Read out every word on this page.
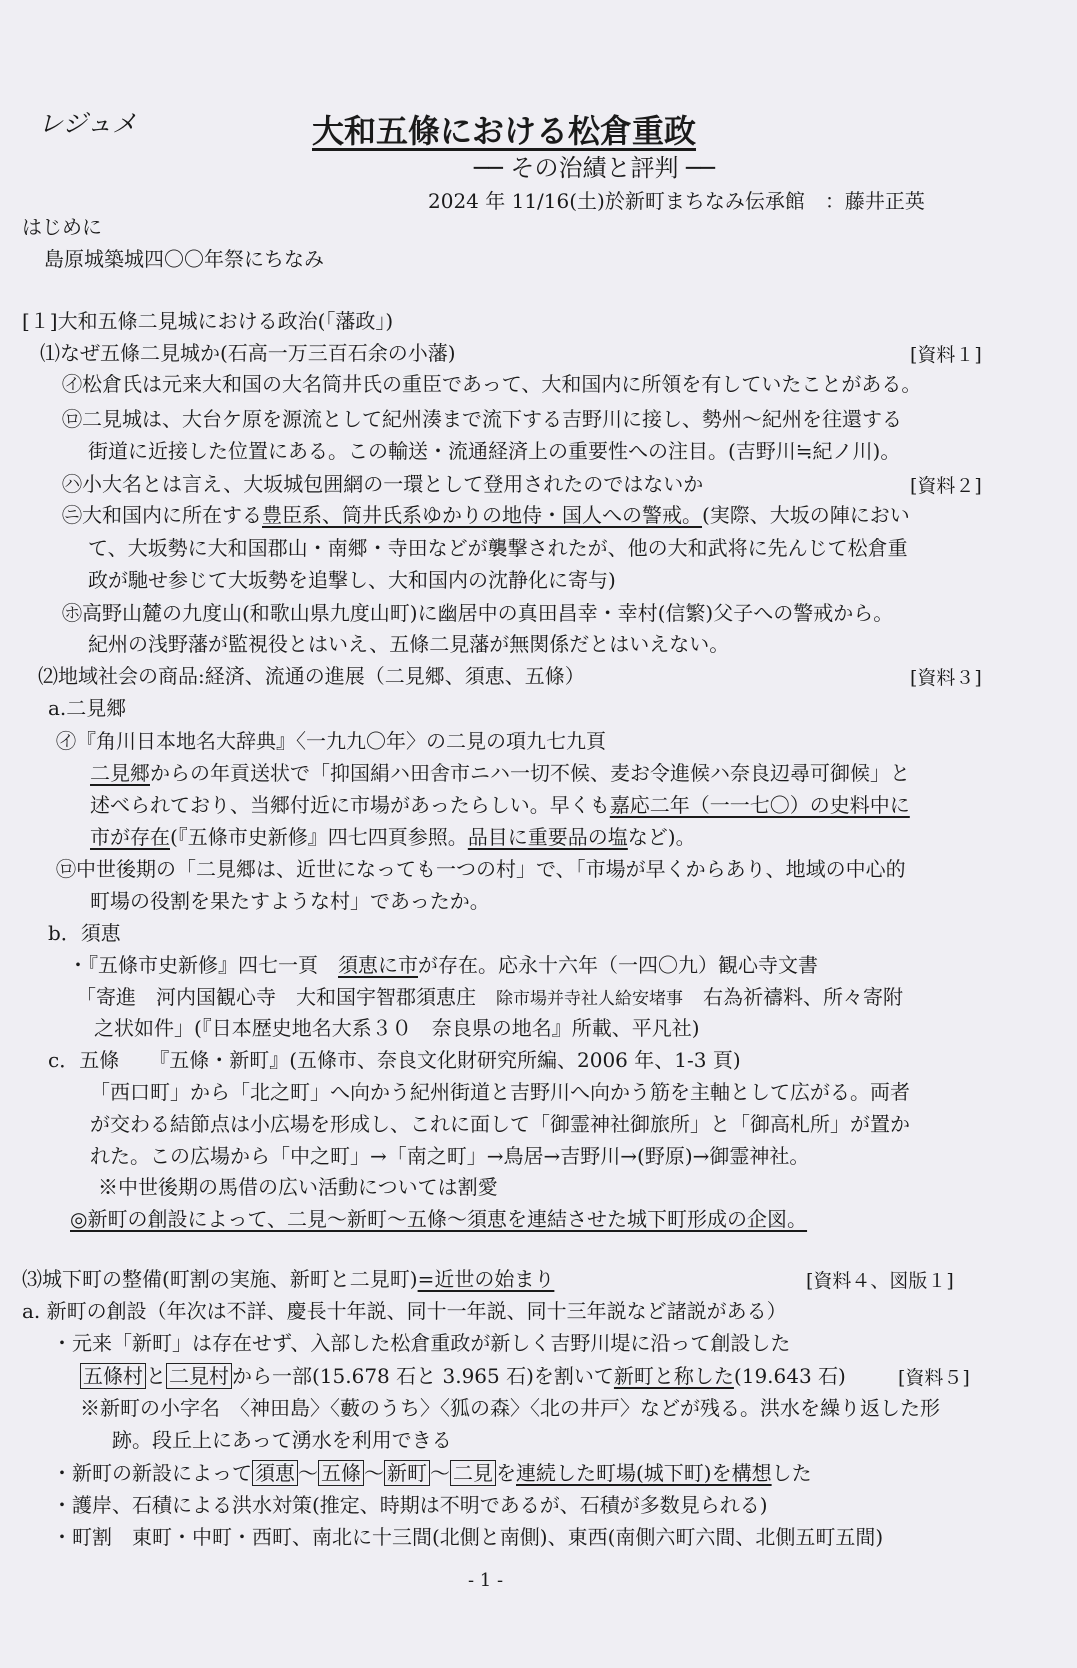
レジュメ	大和五條における松倉重政
── その治績と評判 ──
2024 年 11/16(土)於新町まちなみ伝承館　：藤井正英
はじめに
島原城築城四〇〇年祭にちなみ
[１]大和五條二見城における政治(「藩政」)
⑴なぜ五條二見城か(石高一万三百石余の小藩)	[資料１]
㋑松倉氏は元来大和国の大名筒井氏の重臣であって、大和国内に所領を有していたことがある。
㋺二見城は、大台ケ原を源流として紀州湊まで流下する吉野川に接し、勢州〜紀州を往還する
街道に近接した位置にある。この輸送・流通経済上の重要性への注目。(吉野川≒紀ノ川)。
㋩小大名とは言え、大坂城包囲網の一環として登用されたのではないか	[資料２]
㋥大和国内に所在する豊臣系、筒井氏系ゆかりの地侍・国人への警戒。(実際、大坂の陣におい
て、大坂勢に大和国郡山・南郷・寺田などが襲撃されたが、他の大和武将に先んじて松倉重
政が馳せ参じて大坂勢を追撃し、大和国内の沈静化に寄与)
㋭高野山麓の九度山(和歌山県九度山町)に幽居中の真田昌幸・幸村(信繁)父子への警戒から。
紀州の浅野藩が監視役とはいえ、五條二見藩が無関係だとはいえない。
⑵地域社会の商品:経済、流通の進展（二見郷、須恵、五條）	[資料３]
a.二見郷
㋑『角川日本地名大辞典』〈一九九〇年〉の二見の項九七九頁
二見郷からの年貢送状で「抑国絹ハ田舎市ニハ一切不候、麦お令進候ハ奈良辺尋可御候」と
述べられており、当郷付近に市場があったらしい。早くも嘉応二年（一一七〇）の史料中に
市が存在(『五條市史新修』四七四頁参照。品目に重要品の塩など)。
㋺中世後期の「二見郷は、近世になっても一つの村」で、「市場が早くからあり、地域の中心的
町場の役割を果たすような村」であったか。
b．須恵
・『五條市史新修』四七一頁　須恵に市が存在。応永十六年（一四〇九）観心寺文書
「寄進　河内国観心寺　大和国宇智郡須恵庄　 除市場并寺社人給安堵事　 右為祈禱料、所々寄附
之状如件」(『日本歴史地名大系３０　奈良県の地名』所載、平凡社)
c．五條　　『五條・新町』(五條市、奈良文化財研究所編、2006 年、1-3 頁)
「西口町」から「北之町」へ向かう紀州街道と吉野川へ向かう筋を主軸として広がる。両者
が交わる結節点は小広場を形成し、これに面して「御霊神社御旅所」と「御高札所」が置か
れた。この広場から「中之町」→「南之町」→鳥居→吉野川→(野原)→御霊神社。
※中世後期の馬借の広い活動については割愛
◎新町の創設によって、二見〜新町〜五條〜須恵を連結させた城下町形成の企図。
⑶城下町の整備(町割の実施、新町と二見町)=近世の始まり	[資料４、図版１]
a. 新町の創設（年次は不詳、慶長十年説、同十一年説、同十三年説など諸説がある）
・元来「新町」は存在せず、入部した松倉重政が新しく吉野川堤に沿って創設した
五條村 と 二見村 から一部(15.678 石と 3.965 石)を割いて新町と称した(19.643 石)	[資料５]
※新町の小字名　〈神田島〉〈藪のうち〉〈狐の森〉〈北の井戸〉などが残る。洪水を繰り返した形
跡。段丘上にあって湧水を利用できる
・新町の新設によって 須恵 〜 五條 〜 新町 〜 二見 を連続した町場(城下町)を構想した
・護岸、石積による洪水対策(推定、時期は不明であるが、石積が多数見られる)
・町割　東町・中町・西町、南北に十三間(北側と南側)、東西(南側六町六間、北側五町五間)
- 1 -
